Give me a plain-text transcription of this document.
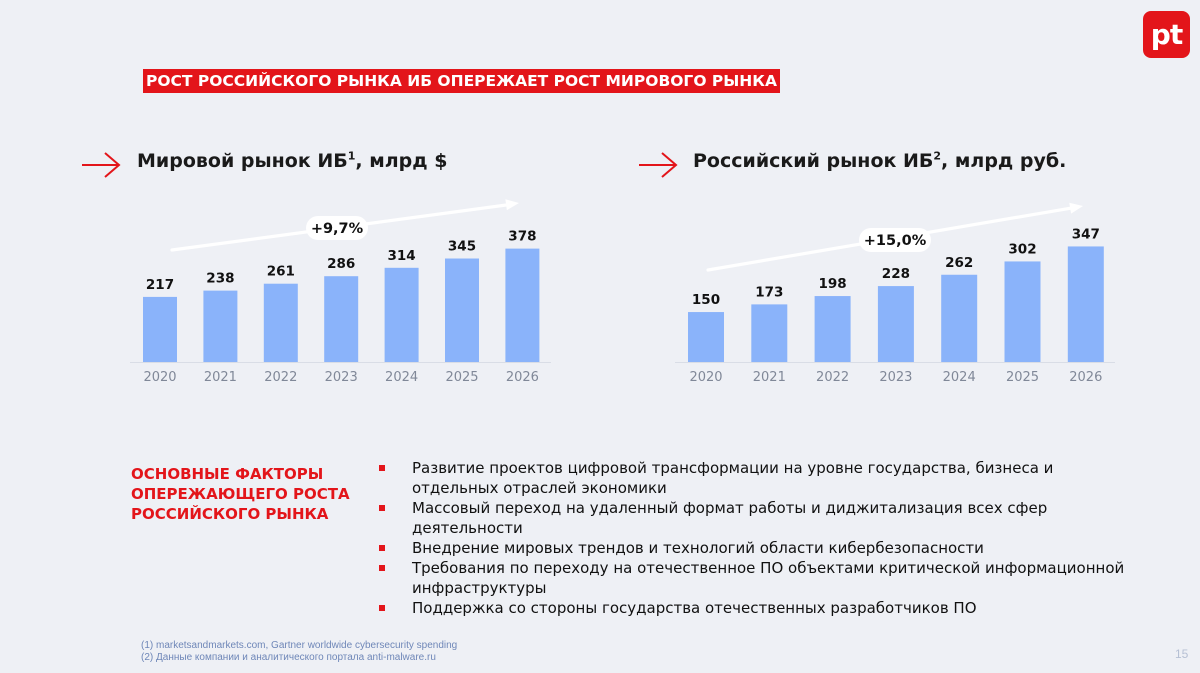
pt
РОСТ РОССИЙСКОГО РЫНКА ИБ ОПЕРЕЖАЕТ РОСТ МИРОВОГО РЫНКА
Мировой рынок $ИБ^1$, млрд $	Российский рынок $ИБ^2$, млрд руб.
+9,7%
217
2020
238
2021
261
2022
286
2023
314
2024
345
2025
378
2026
+15,0%
150
2020
173
2021
198
2022
228
2023
262
2024
302
2025
347
2026
ОСНОВНЫЕ ФАКТОРЫ
ОПЕРЕЖАЮЩЕГО РОСТА
РОССИЙСКОГО РЫНКА
Развитие проектов цифровой трансформации на уровне государства, бизнеса и отдельных отраслей экономики
Массовый переход на удаленный формат работы и диджитализация всех сфер деятельности
Внедрение мировых трендов и технологий области кибербезопасности
Требования по переходу на отечественное ПО объектами критической информационной инфраструктуры
Поддержка со стороны государства отечественных разработчиков ПО
(1) marketsandmarkets.com, Gartner worldwide cybersecurity spending
(2) Данные компании и аналитического портала anti-malware.ru	15
